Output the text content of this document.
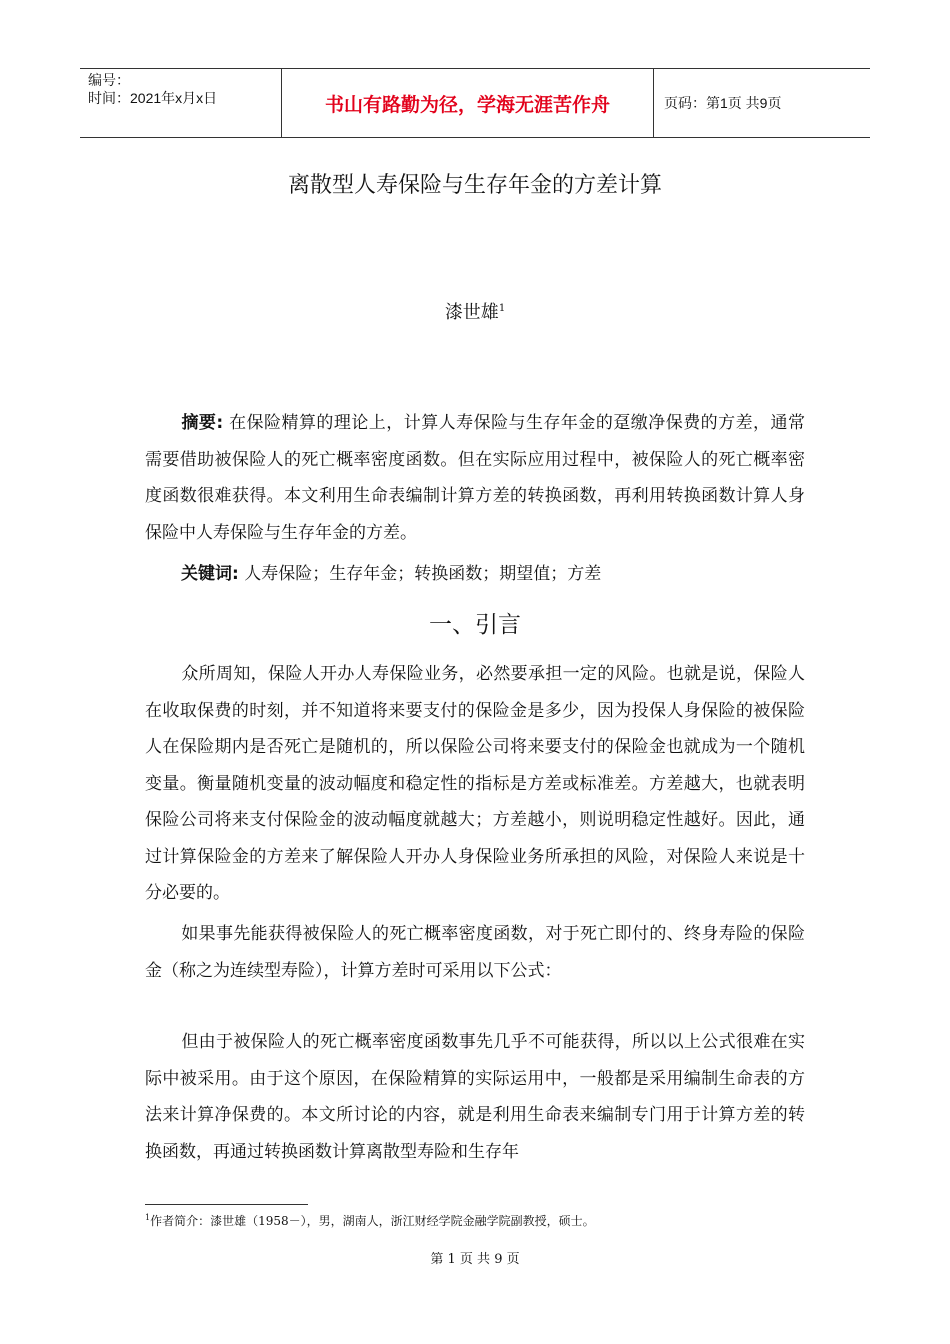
编号：
时间：2021年x月x日	书山有路勤为径，学海无涯苦作舟	页码：第1页 共9页
离散型人寿保险与生存年金的方差计算
漆世雄$^1$

摘要: 在保险精算的理论上，计算人寿保险与生存年金的趸缴净保费的方差，通常需要借助被保险人的死亡概率密度函数。但在实际应用过程中，被保险人的死亡概率密度函数很难获得。本文利用生命表编制计算方差的转换函数，再利用转换函数计算人身保险中人寿保险与生存年金的方差。

关键词: 人寿保险；生存年金；转换函数；期望值；方差

一、引言

众所周知，保险人开办人寿保险业务，必然要承担一定的风险。也就是说，保险人在收取保费的时刻，并不知道将来要支付的保险金是多少，因为投保人身保险的被保险人在保险期内是否死亡是随机的，所以保险公司将来要支付的保险金也就成为一个随机变量。衡量随机变量的波动幅度和稳定性的指标是方差或标准差。方差越大，也就表明保险公司将来支付保险金的波动幅度就越大；方差越小，则说明稳定性越好。因此，通过计算保险金的方差来了解保险人开办人身保险业务所承担的风险，对保险人来说是十分必要的。

如果事先能获得被保险人的死亡概率密度函数，对于死亡即付的、终身寿险的保险金（称之为连续型寿险），计算方差时可采用以下公式：

但由于被保险人的死亡概率密度函数事先几乎不可能获得，所以以上公式很难在实际中被采用。由于这个原因，在保险精算的实际运用中，一般都是采用编制生命表的方法来计算净保费的。本文所讨论的内容，就是利用生命表来编制专门用于计算方差的转换函数，再通过转换函数计算离散型寿险和生存年

$^1$作者简介：漆世雄（1958－），男，湖南人，浙江财经学院金融学院副教授，硕士。
第 1 页 共 9 页
